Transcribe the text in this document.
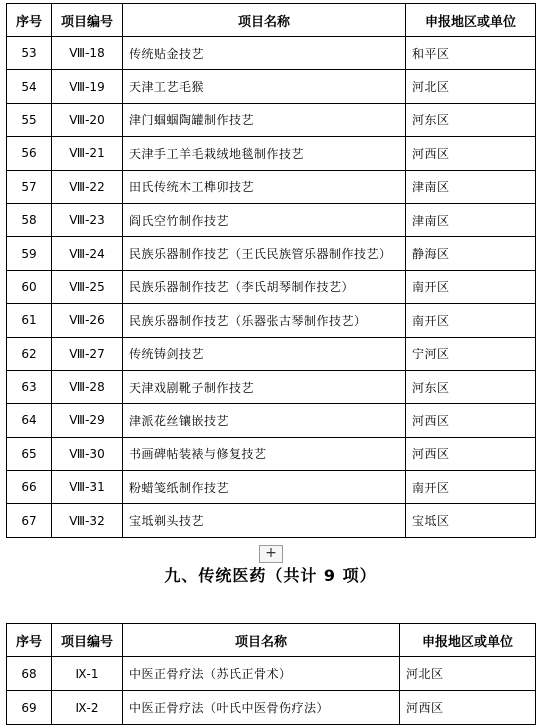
序号	项目编号	项目名称	申报地区或单位
53	Ⅷ-18	传统贴金技艺	和平区
54	Ⅷ-19	天津工艺毛猴	河北区
55	Ⅷ-20	津门蝈蝈陶罐制作技艺	河东区
56	Ⅷ-21	天津手工羊毛栽绒地毯制作技艺	河西区
57	Ⅷ-22	田氏传统木工榫卯技艺	津南区
58	Ⅷ-23	阎氏空竹制作技艺	津南区
59	Ⅷ-24	民族乐器制作技艺（王氏民族管乐器制作技艺）	静海区
60	Ⅷ-25	民族乐器制作技艺（李氏胡琴制作技艺）	南开区
61	Ⅷ-26	民族乐器制作技艺（乐器张古琴制作技艺）	南开区
62	Ⅷ-27	传统铸剑技艺	宁河区
63	Ⅷ-28	天津戏剧靴子制作技艺	河东区
64	Ⅷ-29	津派花丝镶嵌技艺	河西区
65	Ⅷ-30	书画碑帖装裱与修复技艺	河西区
66	Ⅷ-31	粉蜡笺纸制作技艺	南开区
67	Ⅷ-32	宝坻剃头技艺	宝坻区
+
九、传统医药（共计 9 项）
序号	项目编号	项目名称	申报地区或单位
68	Ⅸ-1	中医正骨疗法（苏氏正骨术）	河北区
69	Ⅸ-2	中医正骨疗法（叶氏中医骨伤疗法）	河西区
